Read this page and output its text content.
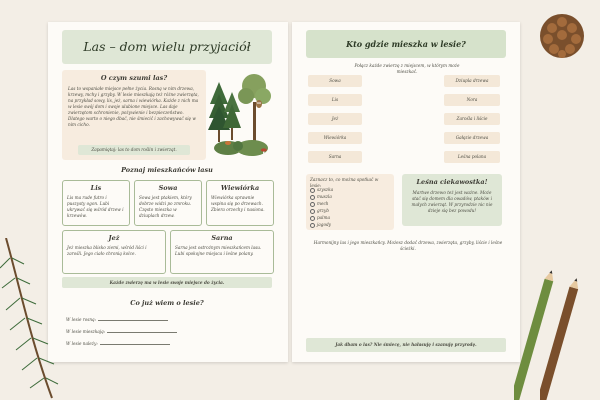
Las – dom wielu przyjaciół
O czym szumi las?
Las to wspaniałe miejsce pełne życia. Rosną w nim drzewa, krzewy, mchy i grzyby. W lesie mieszkają też różne zwierzęta, na przykład sowy, lis, jeż, sarna i wiewiórka. Każde z nich ma w lesie swój dom i swoje ulubione miejsce. Las daje zwierzętom schronienie, pożywienie i bezpieczeństwo. Dlatego warto o niego dbać, nie śmiecić i zachowywać się w nim cicho.
Zapamiętaj: las to dom roślin i zwierząt.
Poznaj mieszkańców lasu
Lis
Lis ma rude futro i puszysty ogon. Lubi ukrywać się wśród drzew i krzewów.
Sowa
Sowa jest ptakiem, który dobrze widzi po zmroku. Często mieszka w dziuplach drzew.
Wiewiórka
Wiewiórka sprawnie wspina się po drzewach. Zbiera orzechy i nasiona.
Jeż
Jeż mieszka blisko ziemi, wśród liści i zarośli. Jego ciało chronią kolce.
Sarna
Sarna jest ostrożnym mieszkańcem lasu. Lubi spokojne miejsca i leśne polany.
Każde zwierzę ma w lesie swoje miejsce do życia.
Co już wiem o lesie?
W lesie rosną:
W lesie mieszkają:
W lesie należy:
Kto gdzie mieszka w lesie?
Połącz każde zwierzę z miejscem, w którym może mieszkać.
Sowa
Lis
Jeż
Wiewiórka
Sarna
Dziupla drzewa
Nora
Zarośla i liście
Gałęzie drzewa
Leśna polana
Zaznacz to, co można spotkać w lesie:
szyszka
muszla
mech
grzyb
palma
jagody
Leśna ciekawostka!
Martwe drzewo też jest ważne. Może stać się domem dla owadów, ptaków i małych zwierząt. W przyrodzie nic nie dzieje się bez powodu!
Harmonijny las i jego mieszkańcy. Możesz dodać drzewa, zwierzęta, grzyby, liście i leśne ścieżki.
Jak dbam o las? Nie śmiecę, nie hałasuję i szanuję przyrodę.
